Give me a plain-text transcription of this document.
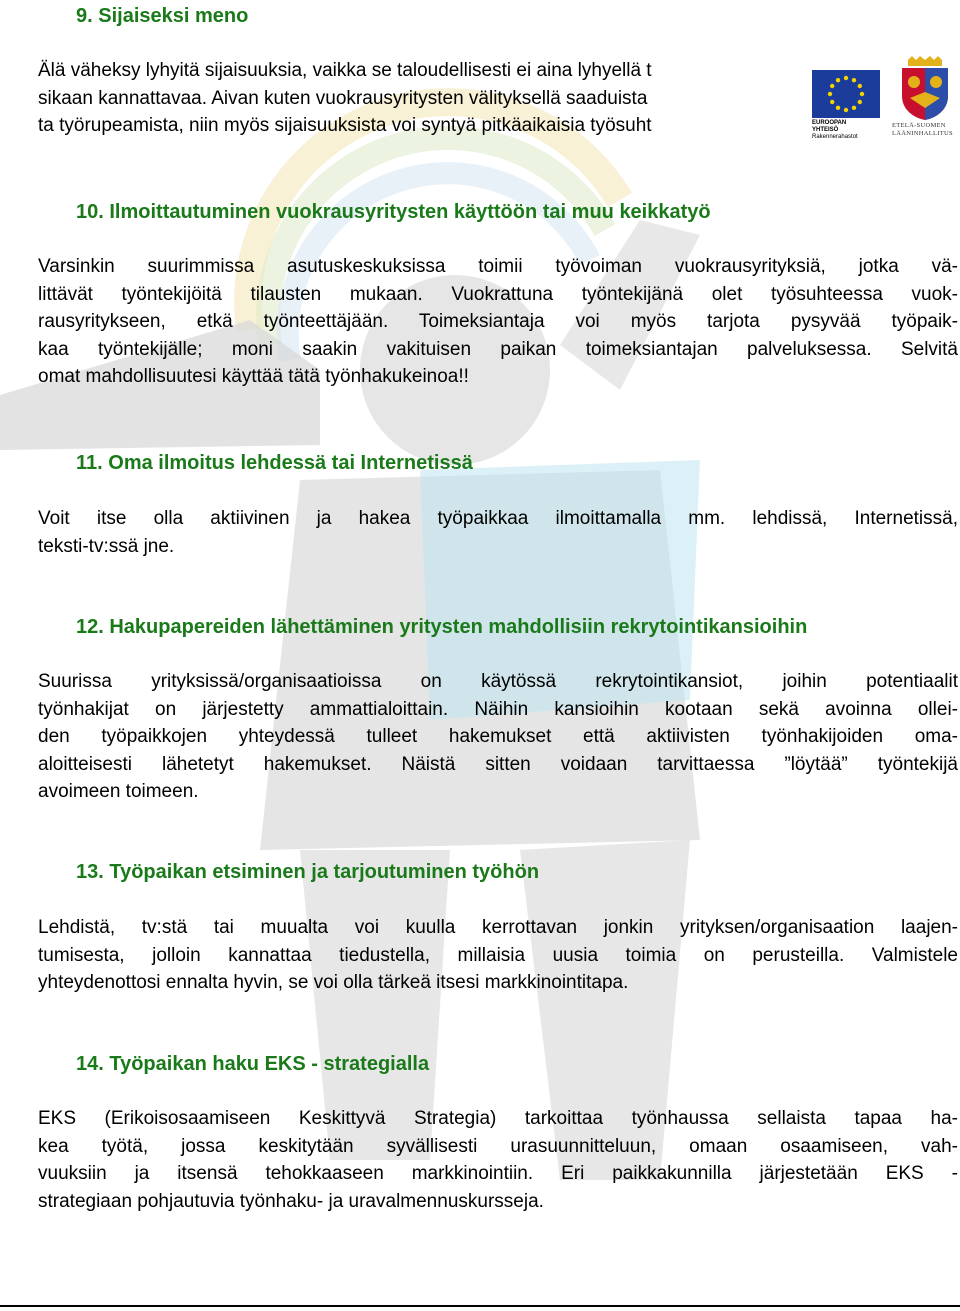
9. Sijaiseksi meno
Älä väheksy lyhyitä sijaisuuksia, vaikka se taloudellisesti ei aina lyhyellä t
sikaan kannattavaa. Aivan kuten vuokrausyritysten välityksellä saaduista
ta työrupeamista, niin myös sijaisuuksista voi syntyä pitkäaikaisia työsuht
10. Ilmoittautuminen vuokrausyritysten käyttöön tai muu keikkatyö
Varsinkin suurimmissa asutuskeskuksissa toimii työvoiman vuokrausyrityksiä, jotka vä-
littävät työntekijöitä tilausten mukaan. Vuokrattuna työntekijänä olet työsuhteessa vuok-
rausyritykseen, etkä työnteettäjään. Toimeksiantaja voi myös tarjota pysyvää työpaik-
kaa työntekijälle; moni saakin vakituisen paikan toimeksiantajan palveluksessa. Selvitä
omat mahdollisuutesi käyttää tätä työnhakukeinoa!!
11. Oma ilmoitus lehdessä tai Internetissä
Voit itse olla aktiivinen ja hakea työpaikkaa ilmoittamalla mm. lehdissä, Internetissä,
teksti-tv:ssä jne.
12. Hakupapereiden lähettäminen yritysten mahdollisiin rekrytointikansioihin
Suurissa yrityksissä/organisaatioissa on käytössä rekrytointikansiot, joihin potentiaalit
työnhakijat on järjestetty ammattialoittain. Näihin kansioihin kootaan sekä avoinna ollei-
den työpaikkojen yhteydessä tulleet hakemukset että aktiivisten työnhakijoiden oma-
aloitteisesti lähetetyt hakemukset. Näistä sitten voidaan tarvittaessa ”löytää” työntekijä
avoimeen toimeen.
13. Työpaikan etsiminen ja tarjoutuminen työhön
Lehdistä, tv:stä tai muualta voi kuulla kerrottavan jonkin yrityksen/organisaation laajen-
tumisesta, jolloin kannattaa tiedustella, millaisia uusia toimia on perusteilla. Valmistele
yhteydenottosi ennalta hyvin, se voi olla tärkeä itsesi markkinointitapa.
14. Työpaikan haku EKS - strategialla
EKS (Erikoisosaamiseen Keskittyvä Strategia) tarkoittaa työnhaussa sellaista tapaa ha-
kea työtä, jossa keskitytään syvällisesti urasuunnitteluun, omaan osaamiseen, vah-
vuuksiin ja itsensä tehokkaaseen markkinointiin. Eri paikkakunnilla järjestetään EKS -
strategiaan pohjautuvia työnhaku- ja uravalmennuskursseja.
EUROOPAN
YHTEISÖ
Rakennerahastot
ETELÄ-SUOMEN
LÄÄNINHALLITUS
